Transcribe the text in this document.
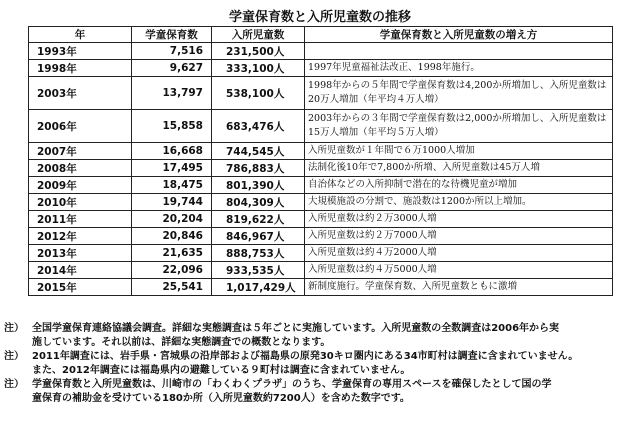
学童保育数と入所児童数の推移
年	学童保育数	入所児童数	学童保育数と入所児童数の増え方
1993年	7,516	231,500人	
1998年	9,627	333,100人	1997年児童福祉法改正、1998年施行。
2003年	13,797	538,100人	1998年からの５年間で学童保育数は4,200か所増加し、入所児童数は20万人増加（年平均４万人増）
2006年	15,858	683,476人	2003年からの３年間で学童保育数は2,000か所増加し、入所児童数は15万人増加（年平均５万人増）
2007年	16,668	744,545人	入所児童数が１年間で６万1000人増加
2008年	17,495	786,883人	法制化後10年で7,800か所増、入所児童数は45万人増
2009年	18,475	801,390人	自治体などの入所抑制で潜在的な待機児童が増加
2010年	19,744	804,309人	大規模施設の分割で、施設数は1200か所以上増加。
2011年	20,204	819,622人	入所児童数は約２万3000人増
2012年	20,846	846,967人	入所児童数は約２万7000人増
2013年	21,635	888,753人	入所児童数は約４万2000人増
2014年	22,096	933,535人	入所児童数は約４万5000人増
2015年	25,541	1,017,429人	新制度施行。学童保育数、入所児童数ともに激増
注） 全国学童保育連絡協議会調査。詳細な実態調査は５年ごとに実施しています。入所児童数の全数調査は2006年から実
施しています。それ以前は、詳細な実態調査での概数となります。
注） 2011年調査には、岩手県・宮城県の沿岸部および福島県の原発30キロ圏内にある34市町村は調査に含まれていません。
また、2012年調査には福島県内の避難している９町村は調査に含まれていません。
注） 学童保育数と入所児童数は、川崎市の「わくわくプラザ」のうち、学童保育の専用スペースを確保したとして国の学
童保育の補助金を受けている180か所（入所児童数約7200人）を含めた数字です。
